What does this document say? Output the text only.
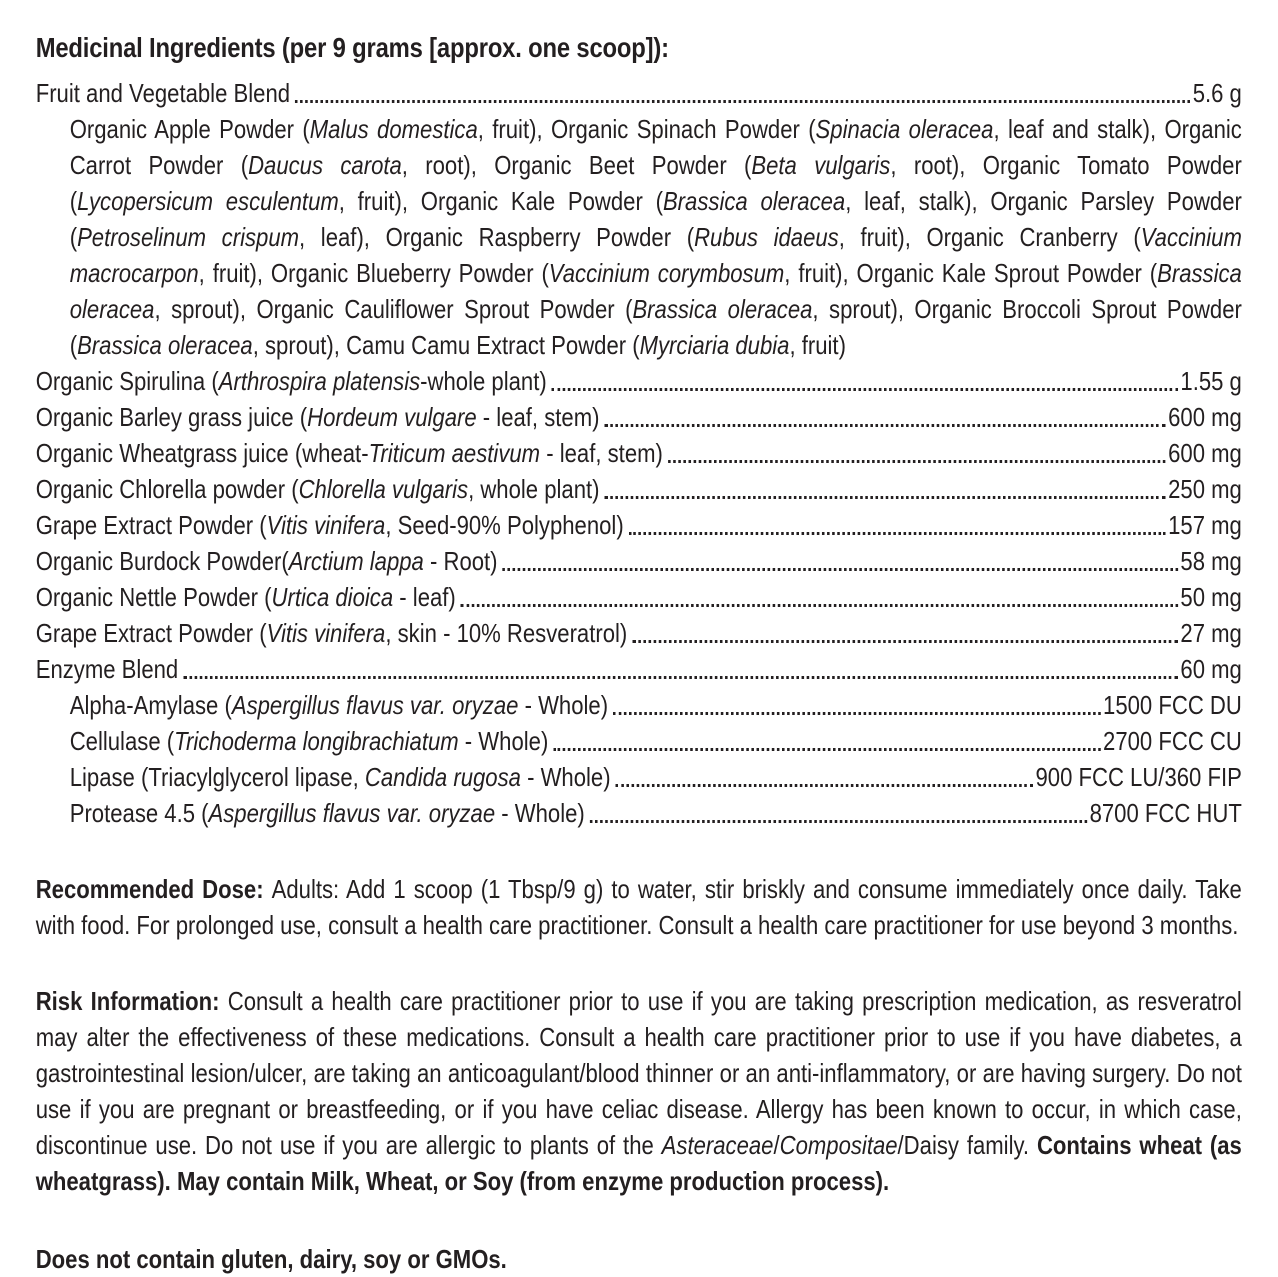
Medicinal Ingredients (per 9 grams [approx. one scoop]):
Fruit and Vegetable Blend	5.6 g
Organic Apple Powder (Malus domestica, fruit), Organic Spinach Powder (Spinacia oleracea, leaf and stalk), Organic Carrot Powder (Daucus carota, root), Organic Beet Powder (Beta vulgaris, root), Organic Tomato Powder (Lycopersicum esculentum, fruit), Organic Kale Powder (Brassica oleracea, leaf, stalk), Organic Parsley Powder (Petroselinum crispum, leaf), Organic Raspberry Powder (Rubus idaeus, fruit), Organic Cranberry (Vaccinium macrocarpon, fruit), Organic Blueberry Powder (Vaccinium corymbosum, fruit), Organic Kale Sprout Powder (Brassica oleracea, sprout), Organic Cauliflower Sprout Powder (Brassica oleracea, sprout), Organic Broccoli Sprout Powder (Brassica oleracea, sprout), Camu Camu Extract Powder (Myrciaria dubia, fruit)
Organic Spirulina (Arthrospira platensis-whole plant)	1.55 g
Organic Barley grass juice (Hordeum vulgare - leaf, stem)	600 mg
Organic Wheatgrass juice (wheat-Triticum aestivum - leaf, stem)	600 mg
Organic Chlorella powder (Chlorella vulgaris, whole plant)	250 mg
Grape Extract Powder (Vitis vinifera, Seed-90% Polyphenol)	157 mg
Organic Burdock Powder(Arctium lappa - Root)	58 mg
Organic Nettle Powder (Urtica dioica - leaf)	50 mg
Grape Extract Powder (Vitis vinifera, skin - 10% Resveratrol)	27 mg
Enzyme Blend	60 mg
Alpha-Amylase (Aspergillus flavus var. oryzae - Whole)	1500 FCC DU
Cellulase (Trichoderma longibrachiatum - Whole)	2700 FCC CU
Lipase (Triacylglycerol lipase, Candida rugosa - Whole)	900 FCC LU/360 FIP
Protease 4.5 (Aspergillus flavus var. oryzae - Whole)	8700 FCC HUT

Recommended Dose: Adults: Add 1 scoop (1 Tbsp/9 g) to water, stir briskly and consume immediately once daily. Take with food. For prolonged use, consult a health care practitioner. Consult a health care practitioner for use beyond 3 months.

Risk Information: Consult a health care practitioner prior to use if you are taking prescription medication, as resveratrol may alter the effectiveness of these medications. Consult a health care practitioner prior to use if you have diabetes, a gastrointestinal lesion/ulcer, are taking an anticoagulant/blood thinner or an anti-inflammatory, or are having surgery. Do not use if you are pregnant or breastfeeding, or if you have celiac disease. Allergy has been known to occur, in which case, discontinue use. Do not use if you are allergic to plants of the Asteraceae/Compositae/Daisy family. Contains wheat (as wheatgrass). May contain Milk, Wheat, or Soy (from enzyme production process).

Does not contain gluten, dairy, soy or GMOs.
